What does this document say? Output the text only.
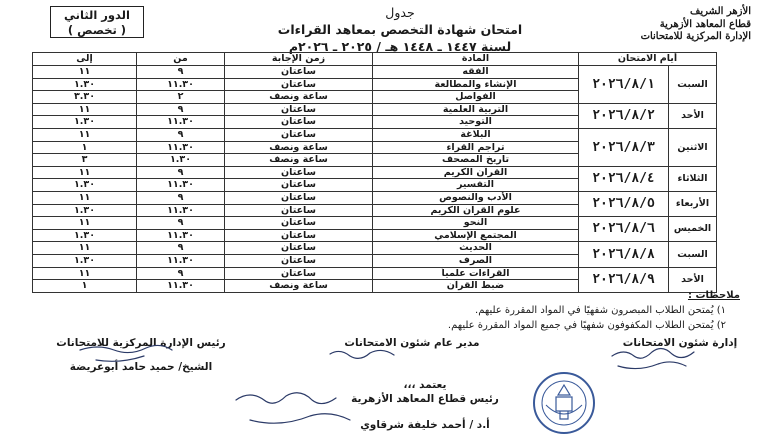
الأزهر الشريف
قطاع المعاهد الأزهرية
الإدارة المركزية للامتحانات
جدول
امتحان شهادة التخصص بمعاهد القراءات
لسنة ١٤٤٧ ـ ١٤٤٨ هـ / ٢٠٢٥ ـ ٢٠٢٦م
الدور الثاني
( تخصص )
أيام الامتحان		المادة	زمن الإجابة	من	إلى
السبت	٢٠٢٦/٨/١	الفقه	ساعتان	٩	١١
		الإنشاء والمطالعة	ساعتان	١١.٣٠	١.٣٠
		الفواصل	ساعة ونصف	٢	٣.٣٠
الأحد	٢٠٢٦/٨/٢	التربية العلمية	ساعتان	٩	١١
		التوحيد	ساعتان	١١.٣٠	١.٣٠
الاثنين	٢٠٢٦/٨/٣	البلاغة	ساعتان	٩	١١
		تراجم القراء	ساعة ونصف	١١.٣٠	١
		تاريخ المصحف	ساعة ونصف	١.٣٠	٣
الثلاثاء	٢٠٢٦/٨/٤	القرآن الكريم	ساعتان	٩	١١
		التفسير	ساعتان	١١.٣٠	١.٣٠
الأربعاء	٢٠٢٦/٨/٥	الأدب والنصوص	ساعتان	٩	١١
		علوم القرآن الكريم	ساعتان	١١.٣٠	١.٣٠
الخميس	٢٠٢٦/٨/٦	النحو	ساعتان	٩	١١
		المجتمع الإسلامي	ساعتان	١١.٣٠	١.٣٠
السبت	٢٠٢٦/٨/٨	الحديث	ساعتان	٩	١١
		الصرف	ساعتان	١١.٣٠	١.٣٠
الأحد	٢٠٢٦/٨/٩	القراءات علمياً	ساعتان	٩	١١
		ضبط القرآن	ساعة ونصف	١١.٣٠	١
ملاحظات :
١) يُمتحن الطلاب المبصرون شفهيًا في المواد المقررة عليهم.
٢) يُمتحن الطلاب المكفوفون شفهيًا في جميع المواد المقررة عليهم.
إدارة شئون الامتحانات
مدير عام شئون الامتحانات
رئيس الإدارة المركزية للامتحانات
الشيخ/ حميد حامد أبوعريضة
يعتمد ،،،
رئيس قطاع المعاهد الأزهرية
أ.د / أحمد خليفة شرقاوي
